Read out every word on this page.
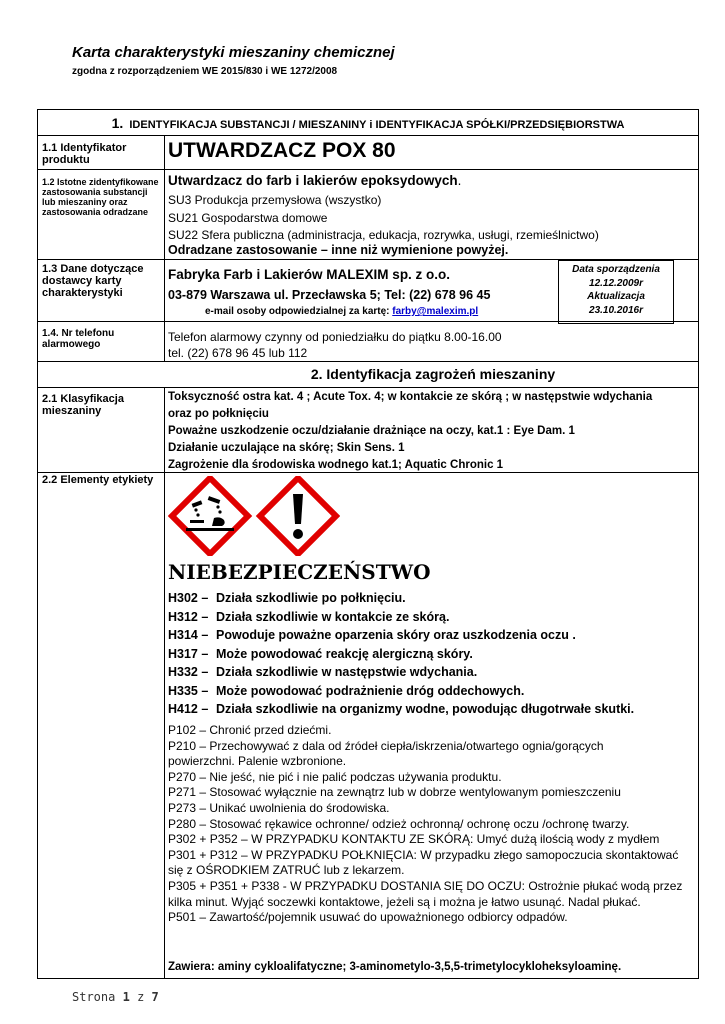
Karta charakterystyki mieszaniny chemicznej
zgodna z rozporządzeniem WE 2015/830 i WE 1272/2008
1. IDENTYFIKACJA SUBSTANCJI / MIESZANINY i IDENTYFIKACJA SPÓŁKI/PRZEDSIĘBIORSTWA
1.1 Identyfikator produktu	UTWARDZACZ POX 80
1.2 Istotne zidentyfikowane zastosowania substancji lub mieszaniny oraz zastosowania odradzane
Utwardzacz do farb i lakierów epoksydowych.
SU3 Produkcja przemysłowa (wszystko)
SU21 Gospodarstwa domowe
SU22 Sfera publiczna (administracja, edukacja, rozrywka, usługi, rzemieślnictwo)
Odradzane zastosowanie – inne niż wymienione powyżej.
1.3 Dane dotyczące dostawcy karty charakterystyki
Fabryka Farb i Lakierów MALEXIM sp. z o.o.
03-879 Warszawa ul. Przecławska 5; Tel: (22) 678 96 45
e-mail osoby odpowiedzialnej za kartę: farby@malexim.pl
Data sporządzenia
12.12.2009r
Aktualizacja
23.10.2016r
1.4. Nr telefonu alarmowego
Telefon alarmowy czynny od poniedziałku do piątku 8.00-16.00
tel. (22) 678 96 45 lub 112
2. Identyfikacja zagrożeń mieszaniny
2.1 Klasyfikacja mieszaniny
Toksyczność ostra kat. 4 ; Acute Tox. 4; w kontakcie ze skórą ; w następstwie wdychania
oraz po połknięciu
Poważne uszkodzenie oczu/działanie drażniące na oczy, kat.1 : Eye Dam. 1
Działanie uczulające na skórę; Skin Sens. 1
Zagrożenie dla środowiska wodnego kat.1; Aquatic Chronic 1
2.2 Elementy etykiety
NIEBEZPIECZEŃSTWO
H302 – Działa szkodliwie po połknięciu.
H312 – Działa szkodliwie w kontakcie ze skórą.
H314 – Powoduje poważne oparzenia skóry oraz uszkodzenia oczu .
H317 – Może powodować reakcję alergiczną skóry.
H332 – Działa szkodliwie w następstwie wdychania.
H335 – Może powodować podrażnienie dróg oddechowych.
H412 – Działa szkodliwie na organizmy wodne, powodując długotrwałe skutki.
P102 – Chronić przed dziećmi.
P210 – Przechowywać z dala od źródeł ciepła/iskrzenia/otwartego ognia/gorących
powierzchni. Palenie wzbronione.
P270 – Nie jeść, nie pić i nie palić podczas używania produktu.
P271 – Stosować wyłącznie na zewnątrz lub w dobrze wentylowanym pomieszczeniu
P273 – Unikać uwolnienia do środowiska.
P280 – Stosować rękawice ochronne/ odzież ochronną/ ochronę oczu /ochronę twarzy.
P302 + P352 – W PRZYPADKU KONTAKTU ZE SKÓRĄ: Umyć dużą ilością wody z mydłem
P301 + P312 – W PRZYPADKU POŁKNIĘCIA: W przypadku złego samopoczucia skontaktować
się z OŚRODKIEM ZATRUĆ lub z lekarzem.
P305 + P351 + P338 - W PRZYPADKU DOSTANIA SIĘ DO OCZU: Ostrożnie płukać wodą przez
kilka minut. Wyjąć soczewki kontaktowe, jeżeli są i można je łatwo usunąć. Nadal płukać.
P501 – Zawartość/pojemnik usuwać do upoważnionego odbiorcy odpadów.
Zawiera: aminy cykloalifatyczne; 3-aminometylo-3,5,5-trimetylocykloheksyloaminę.
Strona 1 z 7
